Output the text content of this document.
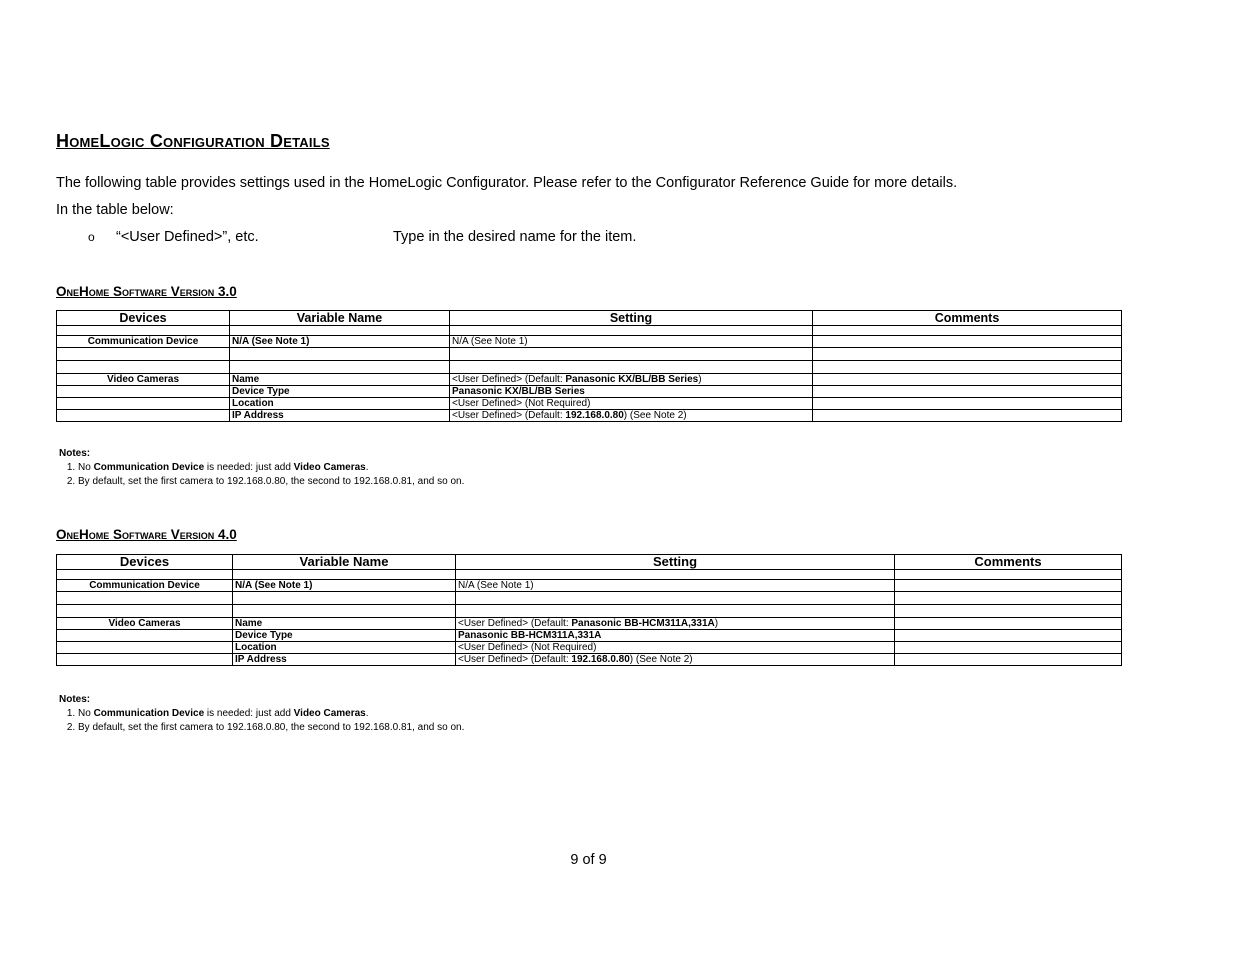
HomeLogic Configuration Details

The following table provides settings used in the HomeLogic Configurator. Please refer to the Configurator Reference Guide for more details.

In the table below:

o “<User Defined>”, etc.	Type in the desired name for the item.
OneHome Software Version 3.0
Devices	Variable Name	Setting	Comments

Communication Device	N/A (See Note 1)	N/A (See Note 1)	

Video Cameras	Name	<User Defined> (Default: Panasonic KX/BL/BB Series)	
	Device Type	Panasonic KX/BL/BB Series	
	Location	<User Defined> (Not Required)	
	IP Address	<User Defined> (Default: 192.168.0.80) (See Note 2)	
Notes:
1. No Communication Device is needed: just add Video Cameras.
2. By default, set the first camera to 192.168.0.80, the second to 192.168.0.81, and so on.
OneHome Software Version 4.0
Devices	Variable Name	Setting	Comments

Communication Device	N/A (See Note 1)	N/A (See Note 1)	

Video Cameras	Name	<User Defined> (Default: Panasonic BB-HCM311A,331A)	
	Device Type	Panasonic BB-HCM311A,331A	
	Location	<User Defined> (Not Required)	
	IP Address	<User Defined> (Default: 192.168.0.80) (See Note 2)	
Notes:
1. No Communication Device is needed: just add Video Cameras.
2. By default, set the first camera to 192.168.0.80, the second to 192.168.0.81, and so on.
9 of 9
